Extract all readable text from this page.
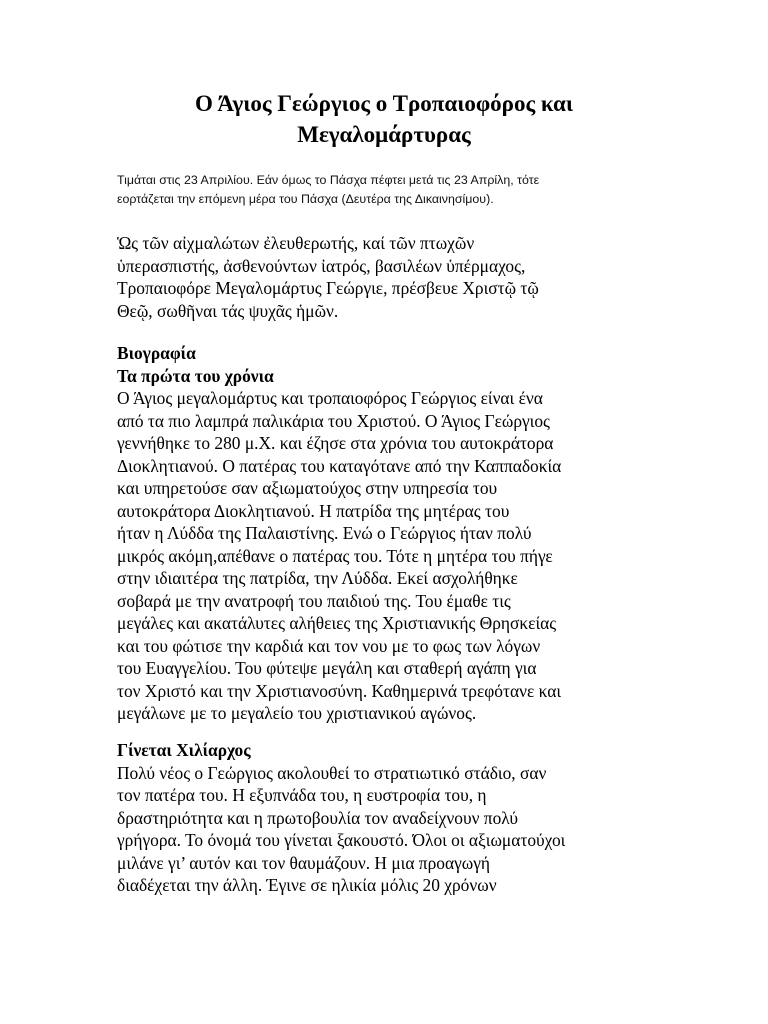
Ο Άγιος Γεώργιος ο Τροπαιοφόρος και
Μεγαλομάρτυρας

Τιμάται στις 23 Απριλίου. Εάν όμως το Πάσχα πέφτει μετά τις 23 Απρίλη, τότε
εορτάζεται την επόμενη μέρα του Πάσχα (Δευτέρα της Δικαινησίμου).

Ὡς τῶν αἰχμαλώτων ἐλευθερωτής, καί τῶν πτωχῶν
ὑπερασπιστής, ἀσθενούντων ἰατρός, βασιλέων ὑπέρμαχος,
Τροπαιοφόρε Μεγαλομάρτυς Γεώργιε, πρέσβευε Χριστῷ τῷ
Θεῷ, σωθῆναι τάς ψυχᾶς ἡμῶν.
Βιογραφία
Τα πρώτα του χρόνια
Ο Άγιος μεγαλομάρτυς και τροπαιοφόρος Γεώργιος είναι ένα
από τα πιο λαμπρά παλικάρια του Χριστού. Ο Άγιος Γεώργιος
γεννήθηκε το 280 μ.Χ. και έζησε στα χρόνια του αυτοκράτορα
Διοκλητιανού. Ο πατέρας του καταγότανε από την Καππαδοκία
και υπηρετούσε σαν αξιωματούχος στην υπηρεσία του
αυτοκράτορα Διοκλητιανού. Η πατρίδα της μητέρας του
ήταν η Λύδδα της Παλαιστίνης. Ενώ ο Γεώργιος ήταν πολύ
μικρός ακόμη,απέθανε ο πατέρας του. Τότε η μητέρα του πήγε
στην ιδιαιτέρα της πατρίδα, την Λύδδα. Εκεί ασχολήθηκε
σοβαρά με την ανατροφή του παιδιού της. Του έμαθε τις
μεγάλες και ακατάλυτες αλήθειες της Χριστιανικής Θρησκείας
και του φώτισε την καρδιά και τον νου με το φως των λόγων
του Ευαγγελίου. Του φύτεψε μεγάλη και σταθερή αγάπη για
τον Χριστό και την Χριστιανοσύνη. Καθημερινά τρεφότανε και
μεγάλωνε με το μεγαλείο του χριστιανικού αγώνος.
Γίνεται Χιλίαρχος
Πολύ νέος ο Γεώργιος ακολουθεί το στρατιωτικό στάδιο, σαν
τον πατέρα του. Η εξυπνάδα του, η ευστροφία του, η
δραστηριότητα και η πρωτοβουλία τον αναδείχνουν πολύ
γρήγορα. Το όνομά του γίνεται ξακουστό. Όλοι οι αξιωματούχοι
μιλάνε γι’ αυτόν και τον θαυμάζουν. Η μια προαγωγή
διαδέχεται την άλλη. Έγινε σε ηλικία μόλις 20 χρόνων
